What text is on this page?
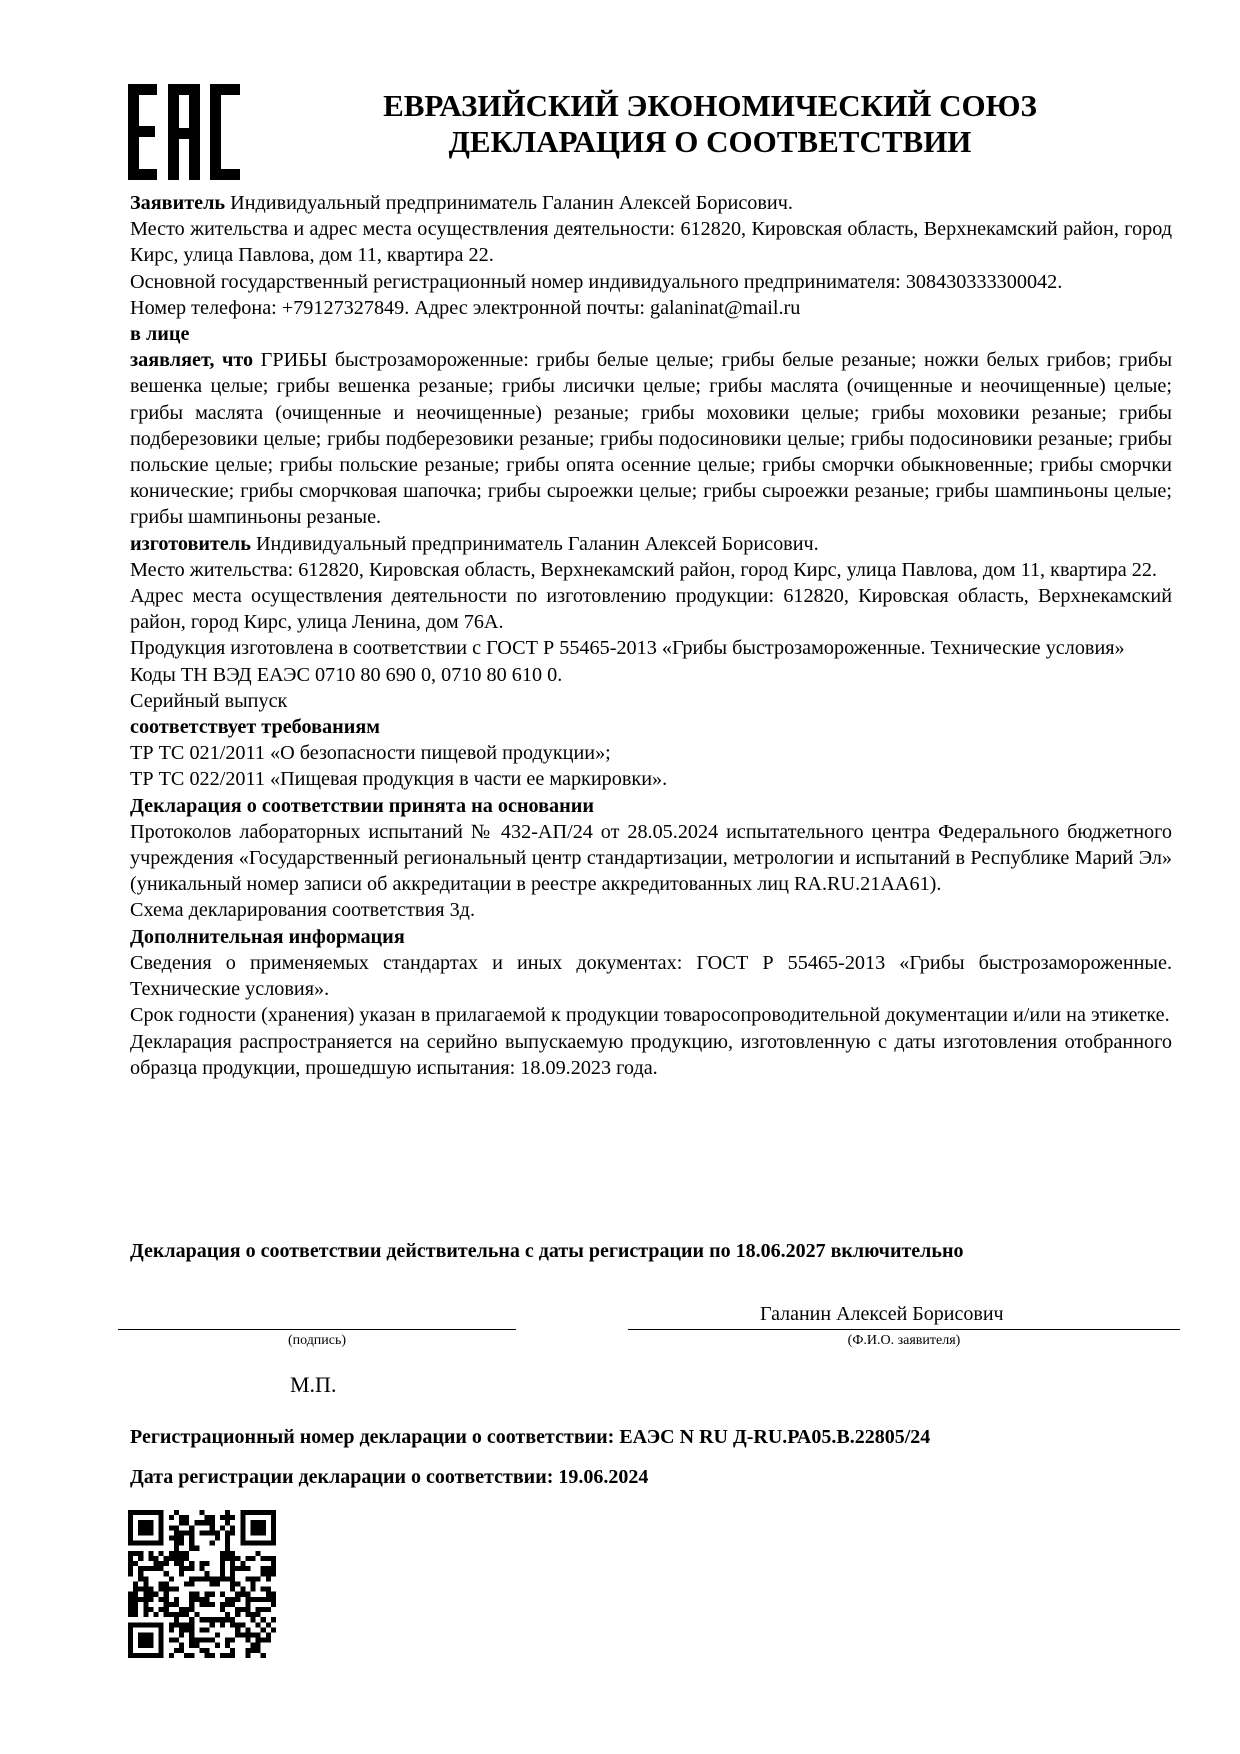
ЕВРАЗИЙСКИЙ ЭКОНОМИЧЕСКИЙ СОЮЗ
ДЕКЛАРАЦИЯ О СООТВЕТСТВИИ

Заявитель Индивидуальный предприниматель Галанин Алексей Борисович.

Место жительства и адрес места осуществления деятельности: 612820, Кировская область, Верхнекамский район, город Кирс, улица Павлова, дом 11, квартира 22.

Основной государственный регистрационный номер индивидуального предпринимателя: 308430333300042.

Номер телефона: +79127327849. Адрес электронной почты: galaninat@mail.ru

в лице

заявляет, что ГРИБЫ быстрозамороженные: грибы белые целые; грибы белые резаные; ножки белых грибов; грибы вешенка целые; грибы вешенка резаные; грибы лисички целые; грибы маслята (очищенные и неочищенные) целые; грибы маслята (очищенные и неочищенные) резаные; грибы моховики целые; грибы моховики резаные; грибы подберезовики целые; грибы подберезовики резаные; грибы подосиновики целые; грибы подосиновики резаные; грибы польские целые; грибы польские резаные; грибы опята осенние целые; грибы сморчки обыкновенные; грибы сморчки конические; грибы сморчковая шапочка; грибы сыроежки целые; грибы сыроежки резаные; грибы шампиньоны целые; грибы шампиньоны резаные.

изготовитель Индивидуальный предприниматель Галанин Алексей Борисович.

Место жительства: 612820, Кировская область, Верхнекамский район, город Кирс, улица Павлова, дом 11, квартира 22.

Адрес места осуществления деятельности по изготовлению продукции: 612820, Кировская область, Верхнекамский район, город Кирс, улица Ленина, дом 76А.

Продукция изготовлена в соответствии с ГОСТ Р 55465-2013 «Грибы быстрозамороженные. Технические условия»

Коды ТН ВЭД ЕАЭС 0710 80 690 0, 0710 80 610 0.

Серийный выпуск

соответствует требованиям

ТР ТС 021/2011 «О безопасности пищевой продукции»;

ТР ТС 022/2011 «Пищевая продукция в части ее маркировки».

Декларация о соответствии принята на основании

Протоколов лабораторных испытаний № 432-АП/24 от 28.05.2024 испытательного центра Федерального бюджетного учреждения «Государственный региональный центр стандартизации, метрологии и испытаний в Республике Марий Эл» (уникальный номер записи об аккредитации в реестре аккредитованных лиц RA.RU.21АА61).

Схема декларирования соответствия 3д.

Дополнительная информация

Сведения о применяемых стандартах и иных документах: ГОСТ Р 55465-2013 «Грибы быстрозамороженные. Технические условия».

Срок годности (хранения) указан в прилагаемой к продукции товаросопроводительной документации и/или на этикетке.

Декларация распространяется на серийно выпускаемую продукцию, изготовленную с даты изготовления отобранного образца продукции, прошедшую испытания: 18.09.2023 года.

Декларация о соответствии действительна с даты регистрации по 18.06.2027 включительно
Галанин Алексей Борисович
(подпись)	(Ф.И.О. заявителя)
М.П.
Регистрационный номер декларации о соответствии: ЕАЭС N RU Д-RU.РА05.В.22805/24
Дата регистрации декларации о соответствии: 19.06.2024
